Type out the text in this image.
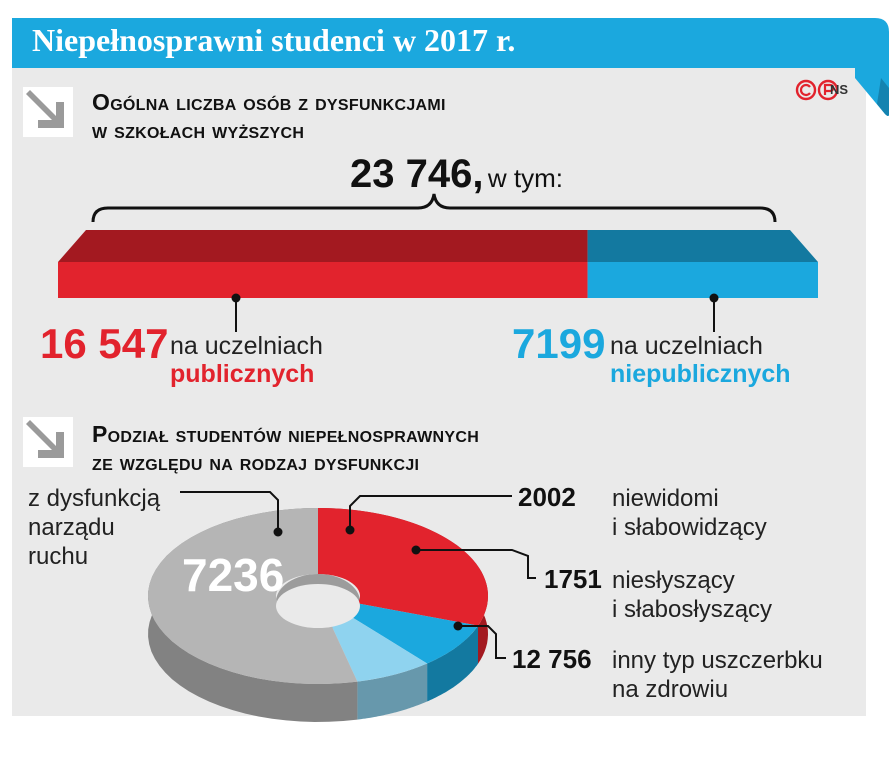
Niepełnosprawni studenci w 2017 r.
NS
Ogólna liczba osób z dysfunkcjami
w szkołach wyższych
23 746, w tym:
16 547 na uczelniach
publicznych
7199 na uczelniach
niepublicznych
Podział studentów niepełnosprawnych
ze względu na rodzaj dysfunkcji
7236
z dysfunkcją
narządu
ruchu
2002 niewidomi
i słabowidzący
1751 niesłyszący
i słabosłyszący
12 756 inny typ uszczerbku
na zdrowiu
